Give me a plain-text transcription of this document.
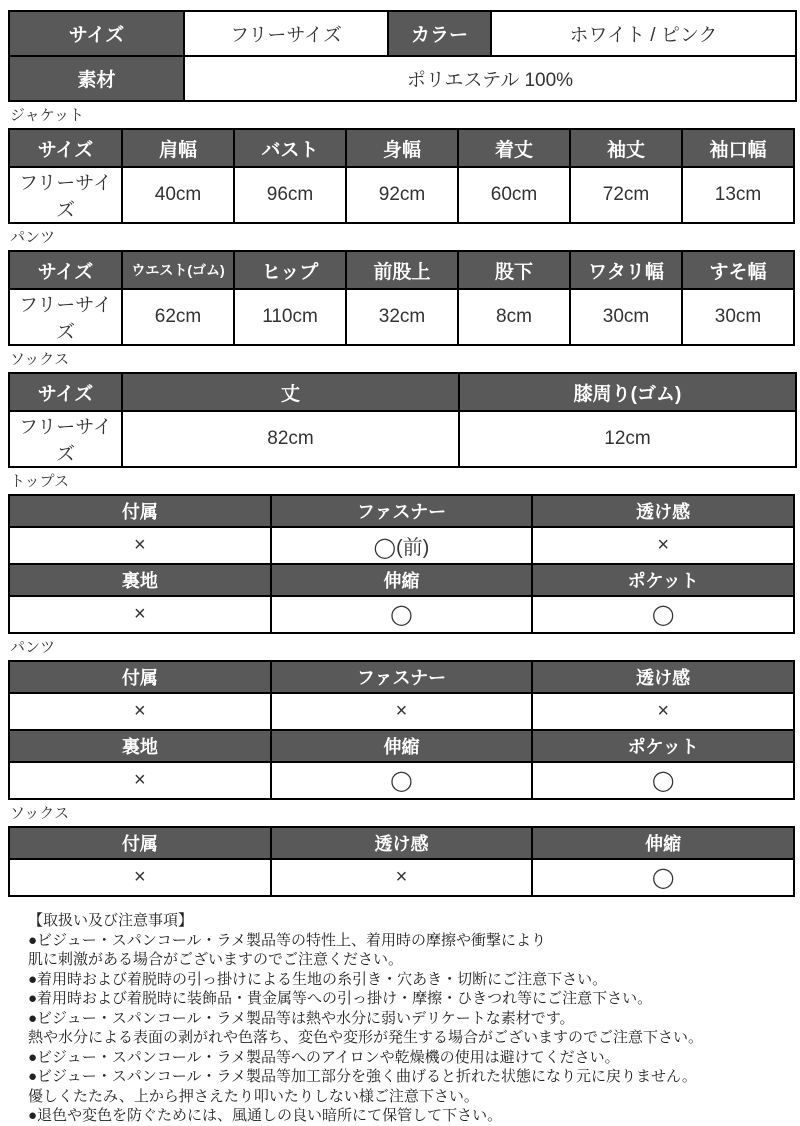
サイズ	フリーサイズ	カラー	ホワイト / ピンク
素材	ポリエステル 100%		
ジャケット
サイズ	肩幅	バスト	身幅	着丈	袖丈	袖口幅
フリーサイズ	40cm	96cm	92cm	60cm	72cm	13cm
パンツ
サイズ	ウエスト(ゴム)	ヒップ	前股上	股下	ワタリ幅	すそ幅
フリーサイズ	62cm	110cm	32cm	8cm	30cm	30cm
ソックス
サイズ	丈	膝周り(ゴム)
フリーサイズ	82cm	12cm
トップス
付属	ファスナー	透け感
×	◯(前)	×
裏地	伸縮	ポケット
×	◯	◯
パンツ
付属	ファスナー	透け感
×	×	×
裏地	伸縮	ポケット
×	◯	◯
ソックス
付属	透け感	伸縮
×	×	◯
【取扱い及び注意事項】
●ビジュー・スパンコール・ラメ製品等の特性上、着用時の摩擦や衝撃により
肌に刺激がある場合がございますのでご注意ください。
●着用時および着脱時の引っ掛けによる生地の糸引き・穴あき・切断にご注意下さい。
●着用時および着脱時に装飾品・貴金属等への引っ掛け・摩擦・ひきつれ等にご注意下さい。
●ビジュー・スパンコール・ラメ製品等は熱や水分に弱いデリケートな素材です。
熱や水分による表面の剥がれや色落ち、変色や変形が発生する場合がございますのでご注意下さい。
●ビジュー・スパンコール・ラメ製品等へのアイロンや乾燥機の使用は避けてください。
●ビジュー・スパンコール・ラメ製品等加工部分を強く曲げると折れた状態になり元に戻りません。
優しくたたみ、上から押さえたり叩いたりしない様ご注意下さい。
●退色や変色を防ぐためには、風通しの良い暗所にて保管して下さい。
